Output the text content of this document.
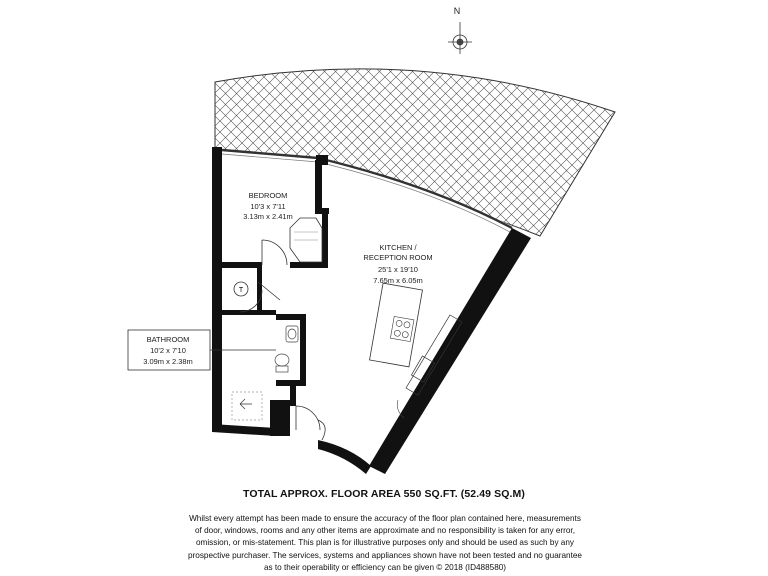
T
N
BEDROOM
10'3 x 7'11
3.13m x 2.41m
KITCHEN /
RECEPTION ROOM
25'1 x 19'10
7.65m x 6.05m
BATHROOM
10'2 x 7'10
3.09m x 2.38m
TOTAL APPROX. FLOOR AREA 550 SQ.FT. (52.49 SQ.M)
Whilst every attempt has been made to ensure the accuracy of the floor plan contained here, measurements
of door, windows, rooms and any other items are approximate and no responsibility is taken for any error,
omission, or mis-statement. This plan is for illustrative purposes only and should be used as such by any
prospective purchaser. The services, systems and appliances shown have not been tested and no guarantee
as to their operability or efficiency can be given © 2018 (ID488580)
